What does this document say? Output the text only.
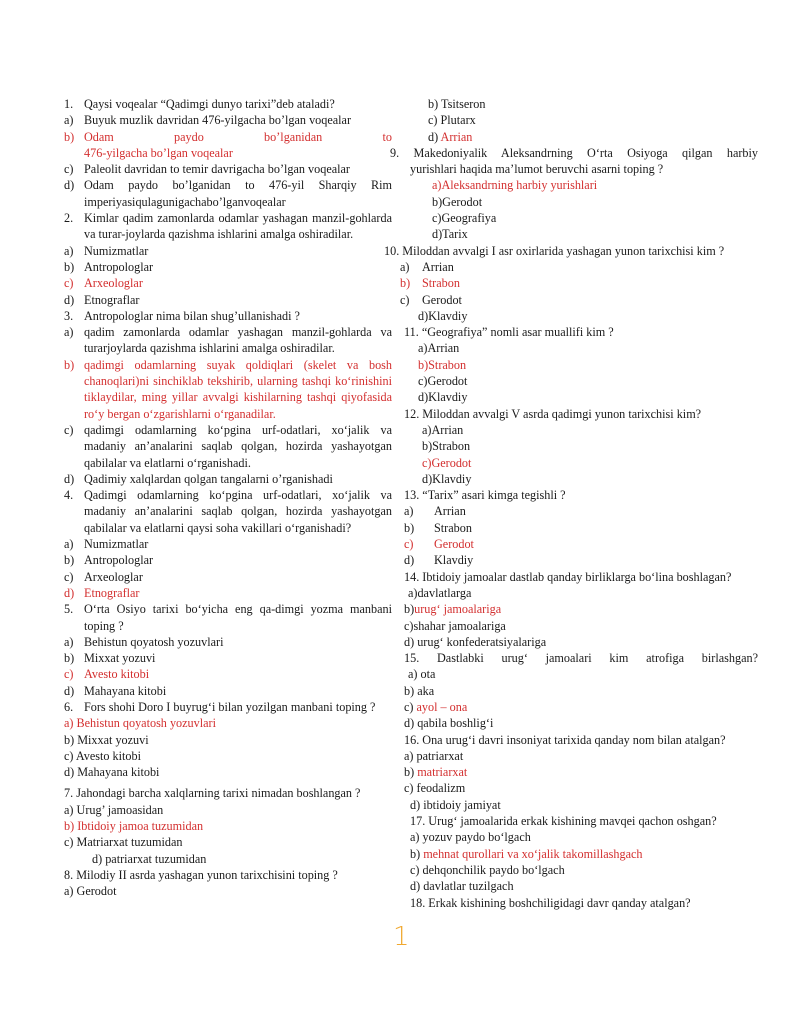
1. Qaysi voqealar “Qadimgi dunyo tarixi”deb ataladi?
a) Buyuk muzlik davridan 476-yilgacha bo’lgan voqealar
b) Odam paydo bo’lganidan to
476-yilgacha bo’lgan voqealar
c) Paleolit davridan to temir davrigacha bo’lgan voqealar
d) Odam paydo bo’lganidan to 476-yil Sharqiy Rim imperiyasiqulagunigachabo’lganvoqealar
2. Kimlar qadim zamonlarda odamlar yashagan manzil-gohlarda va turar-joylarda qazishma ishlarini amalga oshiradilar.
a) Numizmatlar
b) Antropologlar
c) Arxeologlar
d) Etnograflar
3. Antropologlar nima bilan shug’ullanishadi ?
a) qadim zamonlarda odamlar yashagan manzil-gohlarda va turarjoylarda qazishma ishlarini amalga oshiradilar.
b) qadimgi odamlarning suyak qoldiqlari (skelet va bosh chanoqlari)ni sinchiklab tekshirib, ularning tashqi ko‘rinishini tiklaydilar, ming yillar avvalgi kishilarning tashqi qiyofasida ro‘y bergan o‘zgarishlarni o‘rganadilar.
c) qadimgi odamlarning ko‘pgina urf-odatlari, xo‘jalik va madaniy an’analarini saqlab qolgan, hozirda yashayotgan qabilalar va elatlarni o‘rganishadi.
d) Qadimiy xalqlardan qolgan tangalarni o’rganishadi
4. Qadimgi odamlarning ko‘pgina urf-odatlari, xo‘jalik va madaniy an’analarini saqlab qolgan, hozirda yashayotgan qabilalar va elatlarni qaysi soha vakillari o‘rganishadi?
a) Numizmatlar
b) Antropologlar
c) Arxeologlar
d) Etnograflar
5. O‘rta Osiyo tarixi bo‘yicha eng qa-dimgi yozma manbani toping ?
a) Behistun qoyatosh yozuvlari
b) Mixxat yozuvi
c) Avesto kitobi
d) Mahayana kitobi
6. Fors shohi Doro I buyrug‘i bilan yozilgan manbani toping ?
a) Behistun qoyatosh yozuvlari
b) Mixxat yozuvi
c) Avesto kitobi
d) Mahayana kitobi
7. Jahondagi barcha xalqlarning tarixi nimadan boshlangan ?
a) Urug’ jamoasidan
b) Ibtidoiy jamoa tuzumidan
c) Matriarxat tuzumidan
d) patriarxat tuzumidan
8. Milodiy II asrda yashagan yunon tarixchisini toping ?
a) Gerodot
b) Tsitseron
c) Plutarx
d) Arrian
9. Makedoniyalik Aleksandrning O‘rta Osiyoga qilgan harbiy
yurishlari haqida ma’lumot beruvchi asarni toping ?
a)Aleksandrning harbiy yurishlari
b)Gerodot
c)Geografiya
d)Tarix
10. Miloddan avvalgi I asr oxirlarida yashagan yunon tarixchisi kim ?
a) Arrian
b) Strabon
c) Gerodot
d)Klavdiy
11. “Geografiya” nomli asar muallifi kim ?
a)Arrian
b)Strabon
c)Gerodot
d)Klavdiy
12. Miloddan avvalgi V asrda qadimgi yunon tarixchisi kim?
a)Arrian
b)Strabon
c)Gerodot
d)Klavdiy
13. “Tarix” asari kimga tegishli ?
a) Arrian
b) Strabon
c) Gerodot
d) Klavdiy
14. Ibtidoiy jamoalar dastlab qanday birliklarga bo‘lina boshlagan?
a)davlatlarga
b)urug‘ jamoalariga
c)shahar jamoalariga
d) urug‘ konfederatsiyalariga
15. Dastlabki urug‘ jamoalari kim atrofiga birlashgan?
a) ota
b) aka
c) ayol – ona
d) qabila boshlig‘i
16. Ona urug‘i davri insoniyat tarixida qanday nom bilan atalgan?
a) patriarxat
b) matriarxat
c) feodalizm
d) ibtidoiy jamiyat
17. Urug‘ jamoalarida erkak kishining mavqei qachon oshgan?
a) yozuv paydo bo‘lgach
b) mehnat qurollari va xo‘jalik takomillashgach
c) dehqonchilik paydo bo‘lgach
d) davlatlar tuzilgach
18. Erkak kishining boshchiligidagi davr qanday atalgan?
1
